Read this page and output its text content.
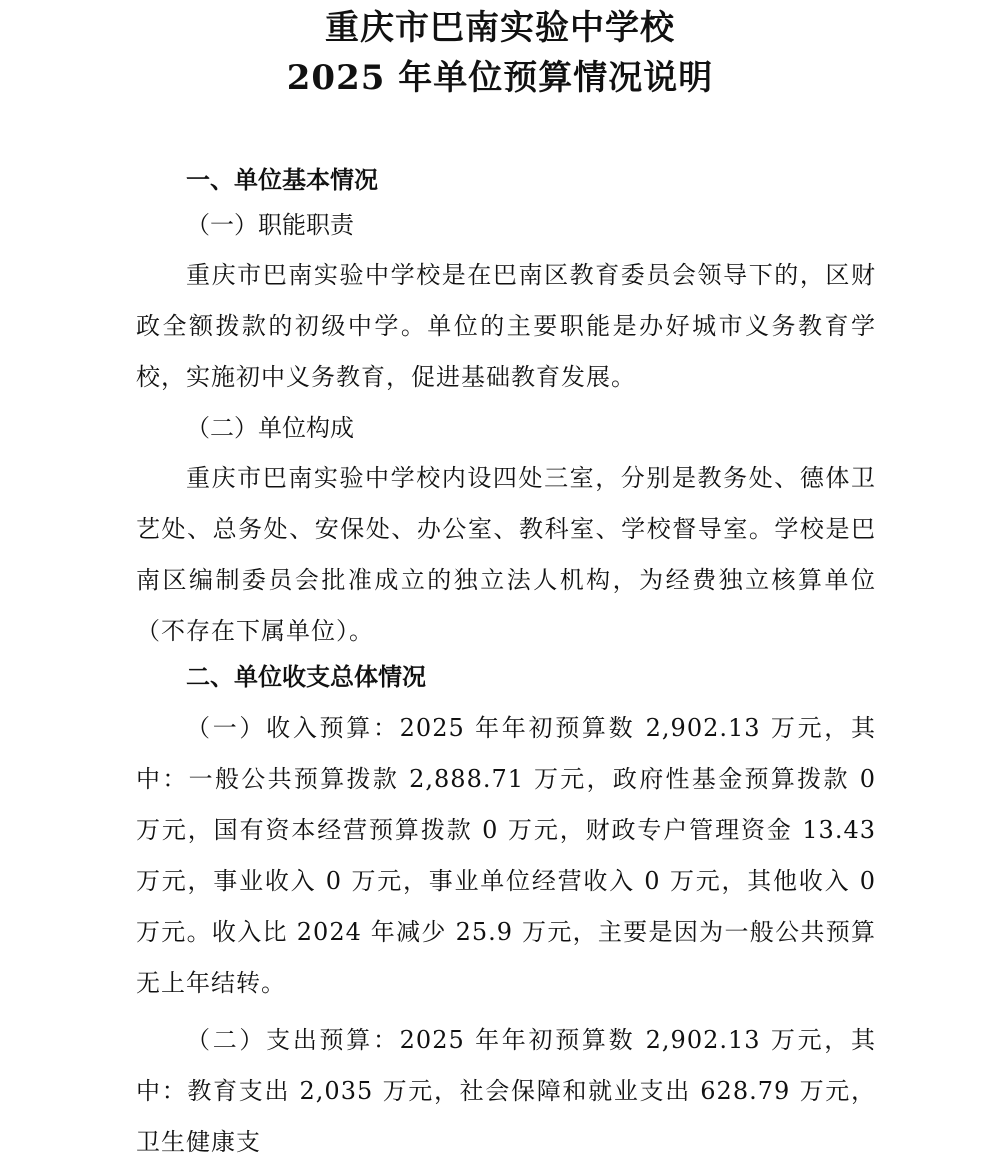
重庆市巴南实验中学校
2025 年单位预算情况说明

一、单位基本情况

（一）职能职责

重庆市巴南实验中学校是在巴南区教育委员会领导下的，区财政全额拨款的初级中学。单位的主要职能是办好城市义务教育学校，实施初中义务教育，促进基础教育发展。

（二）单位构成

重庆市巴南实验中学校内设四处三室，分别是教务处、德体卫艺处、总务处、安保处、办公室、教科室、学校督导室。学校是巴南区编制委员会批准成立的独立法人机构，为经费独立核算单位（不存在下属单位）。

二、单位收支总体情况

（一）收入预算：2025 年年初预算数 2,902.13 万元，其中：一般公共预算拨款 2,888.71 万元，政府性基金预算拨款 0 万元，国有资本经营预算拨款 0 万元，财政专户管理资金 13.43 万元，事业收入 0 万元，事业单位经营收入 0 万元，其他收入 0 万元。收入比 2024 年减少 25.9 万元，主要是因为一般公共预算无上年结转。

（二）支出预算：2025 年年初预算数 2,902.13 万元，其中：教育支出 2,035 万元，社会保障和就业支出 628.79 万元，卫生健康支
